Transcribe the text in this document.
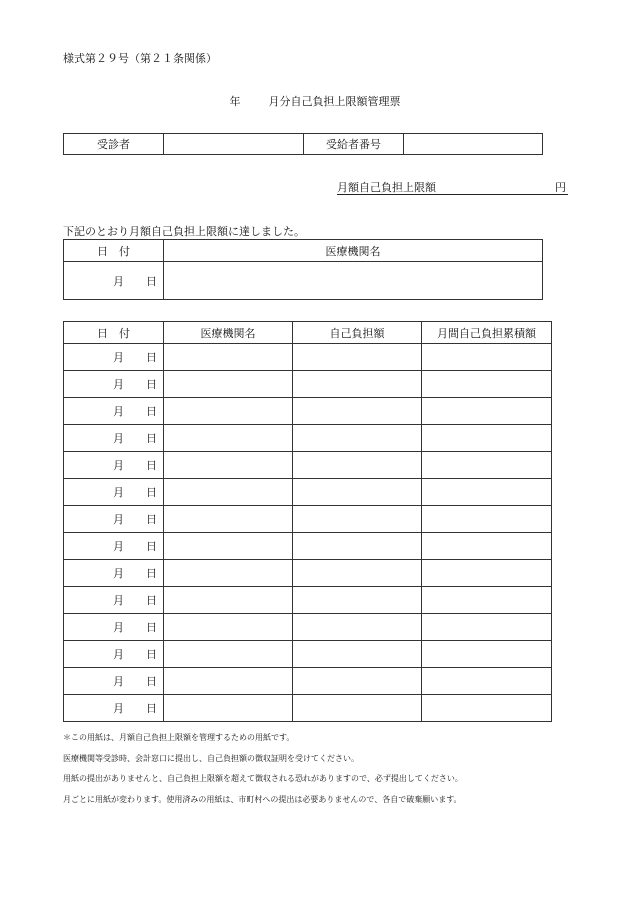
様式第２９号（第２１条関係）
年	月分自己負担上限額管理票
受診者		受給者番号	
月額自己負担上限額	円
下記のとおり月額自己負担上限額に達しました。
日　付	医療機関名
月　　日	
日　付	医療機関名	自己負担額	月間自己負担累積額
月　　日			
月　　日			
月　　日			
月　　日			
月　　日			
月　　日			
月　　日			
月　　日			
月　　日			
月　　日			
月　　日			
月　　日			
月　　日			
月　　日			
＊この用紙は、月額自己負担上限額を管理するための用紙です。
医療機関等受診時、会計窓口に提出し、自己負担額の徴収証明を受けてください。
用紙の提出がありませんと、自己負担上限額を超えて徴収される恐れがありますので、必ず提出してください。
月ごとに用紙が変わります。使用済みの用紙は、市町村への提出は必要ありませんので、各自で破棄願います。
